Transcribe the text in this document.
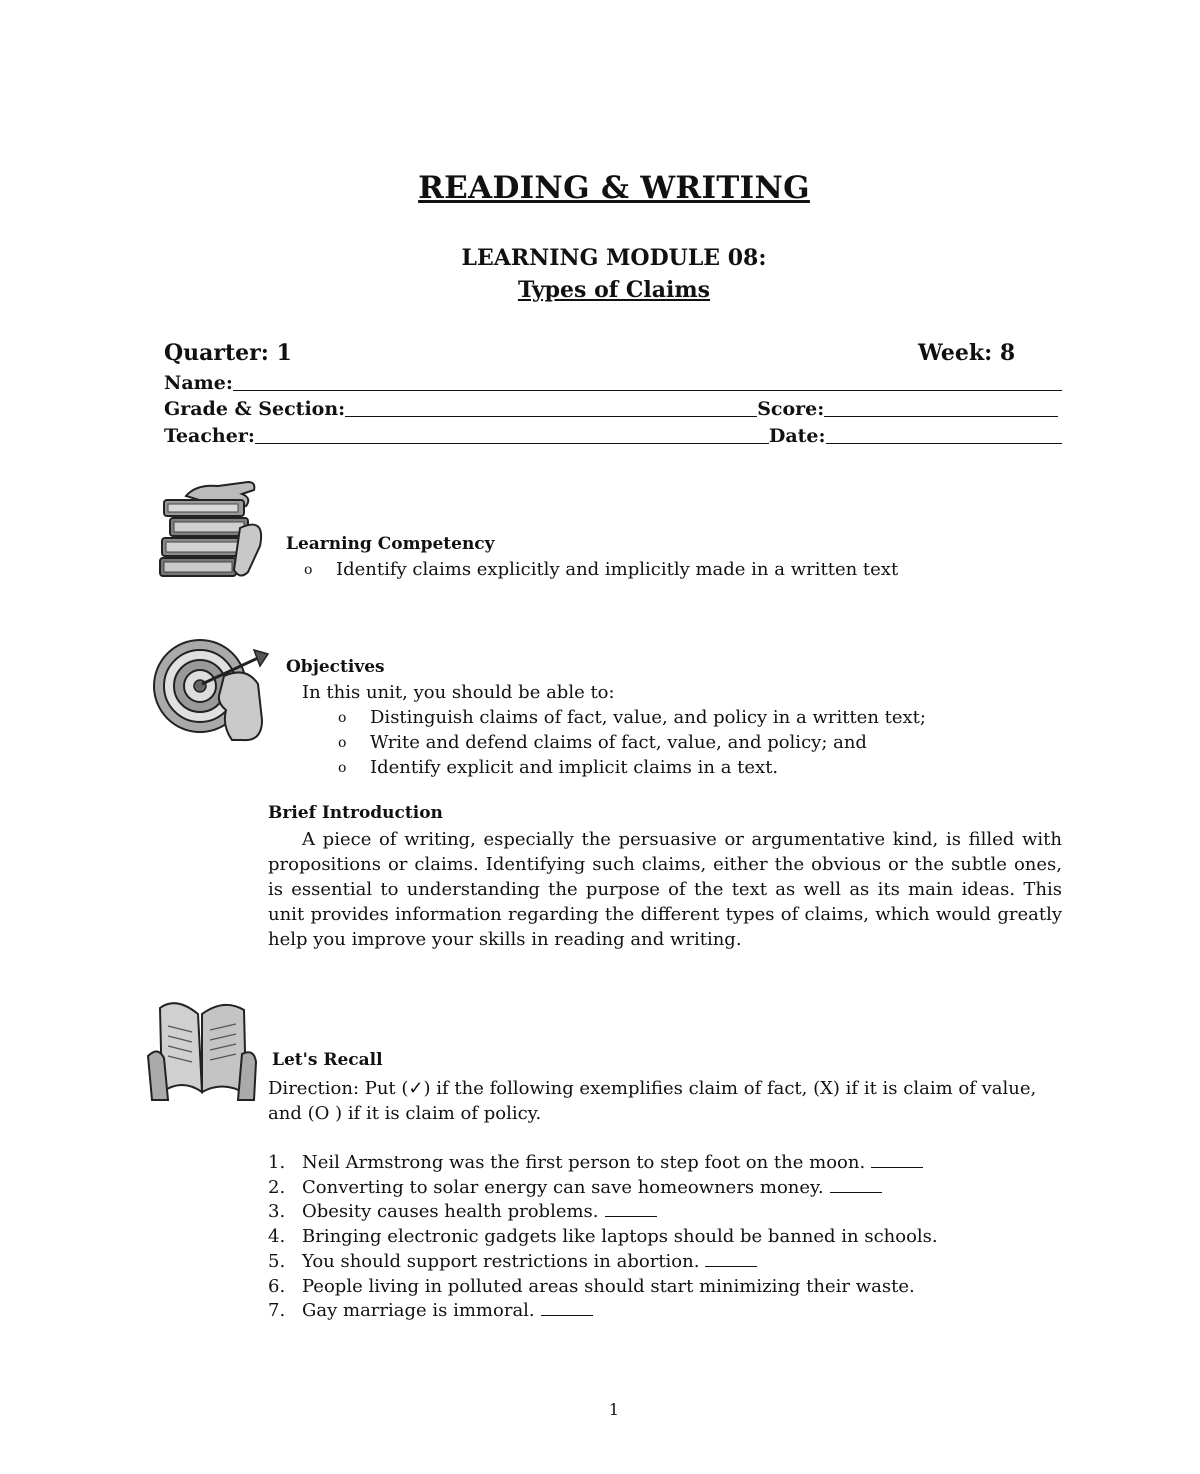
READING & WRITING
LEARNING MODULE 08:
Types of Claims
Quarter: 1	Week: 8
Name:
Grade & Section:	Score:
Teacher:	Date:
Learning Competency
o Identify claims explicitly and implicitly made in a written text
Objectives
In this unit, you should be able to:
o Distinguish claims of fact, value, and policy in a written text;
o Write and defend claims of fact, value, and policy; and
o Identify explicit and implicit claims in a text.
Brief Introduction
A piece of writing, especially the persuasive or argumentative kind, is filled with propositions or claims. Identifying such claims, either the obvious or the subtle ones, is essential to understanding the purpose of the text as well as its main ideas. This unit provides information regarding the different types of claims, which would greatly help you improve your skills in reading and writing.
Let's Recall
Direction: Put (✓) if the following exemplifies claim of fact, (X) if it is claim of value, and (O ) if it is claim of policy.
1. Neil Armstrong was the first person to step foot on the moon.
2. Converting to solar energy can save homeowners money.
3. Obesity causes health problems.
4. Bringing electronic gadgets like laptops should be banned in schools.
5. You should support restrictions in abortion.
6. People living in polluted areas should start minimizing their waste.
7. Gay marriage is immoral.
1
